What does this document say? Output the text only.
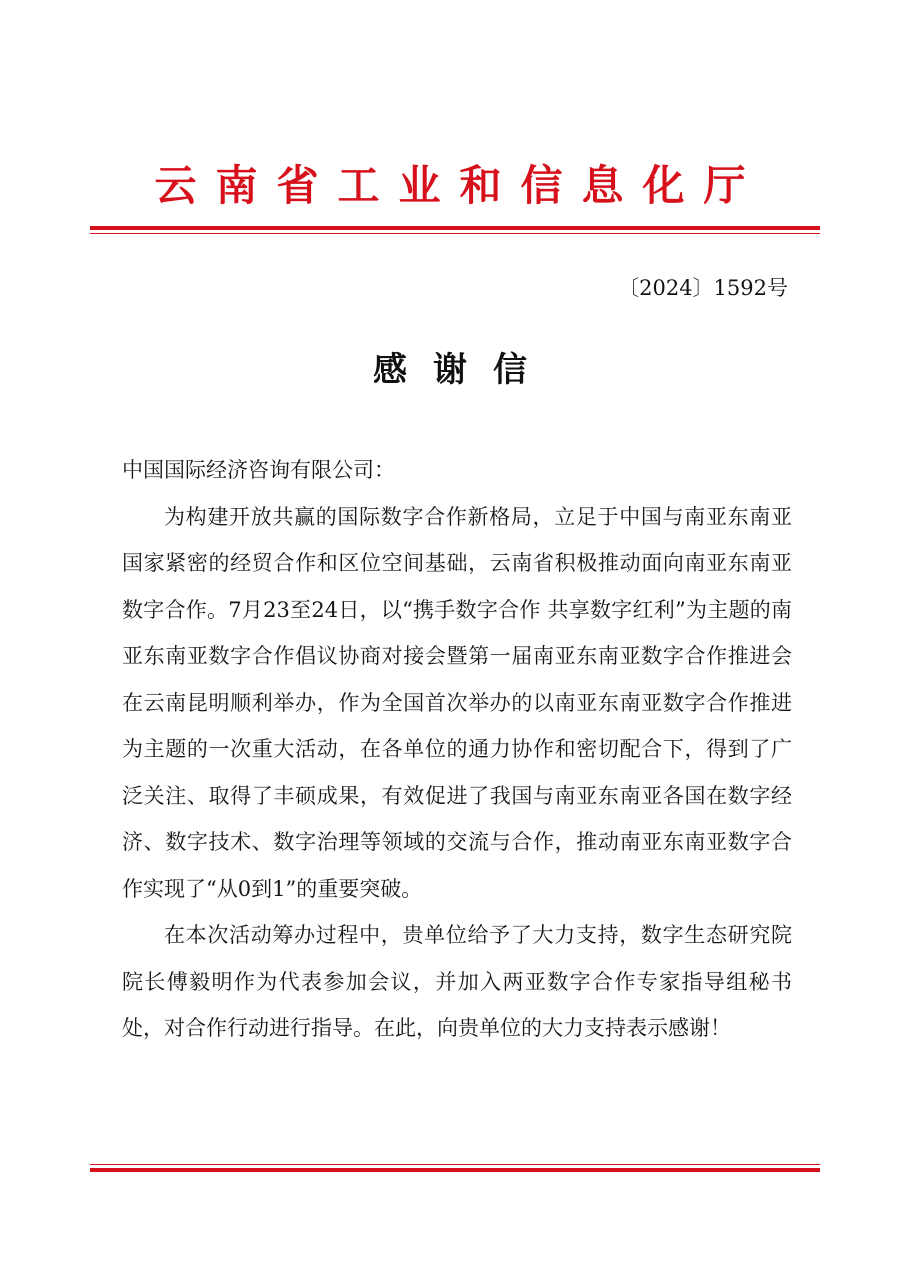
云南省工业和信息化厅
〔2024〕1592号
感谢信

中国国际经济咨询有限公司：

为构建开放共赢的国际数字合作新格局，立足于中国与南亚东南亚国家紧密的经贸合作和区位空间基础，云南省积极推动面向南亚东南亚数字合作。7月23至24日，以“携手数字合作 共享数字红利”为主题的南亚东南亚数字合作倡议协商对接会暨第一届南亚东南亚数字合作推进会在云南昆明顺利举办，作为全国首次举办的以南亚东南亚数字合作推进为主题的一次重大活动，在各单位的通力协作和密切配合下，得到了广泛关注、取得了丰硕成果，有效促进了我国与南亚东南亚各国在数字经济、数字技术、数字治理等领域的交流与合作，推动南亚东南亚数字合作实现了“从0到1”的重要突破。

在本次活动筹办过程中，贵单位给予了大力支持，数字生态研究院院长傅毅明作为代表参加会议，并加入两亚数字合作专家指导组秘书处，对合作行动进行指导。在此，向贵单位的大力支持表示感谢！
